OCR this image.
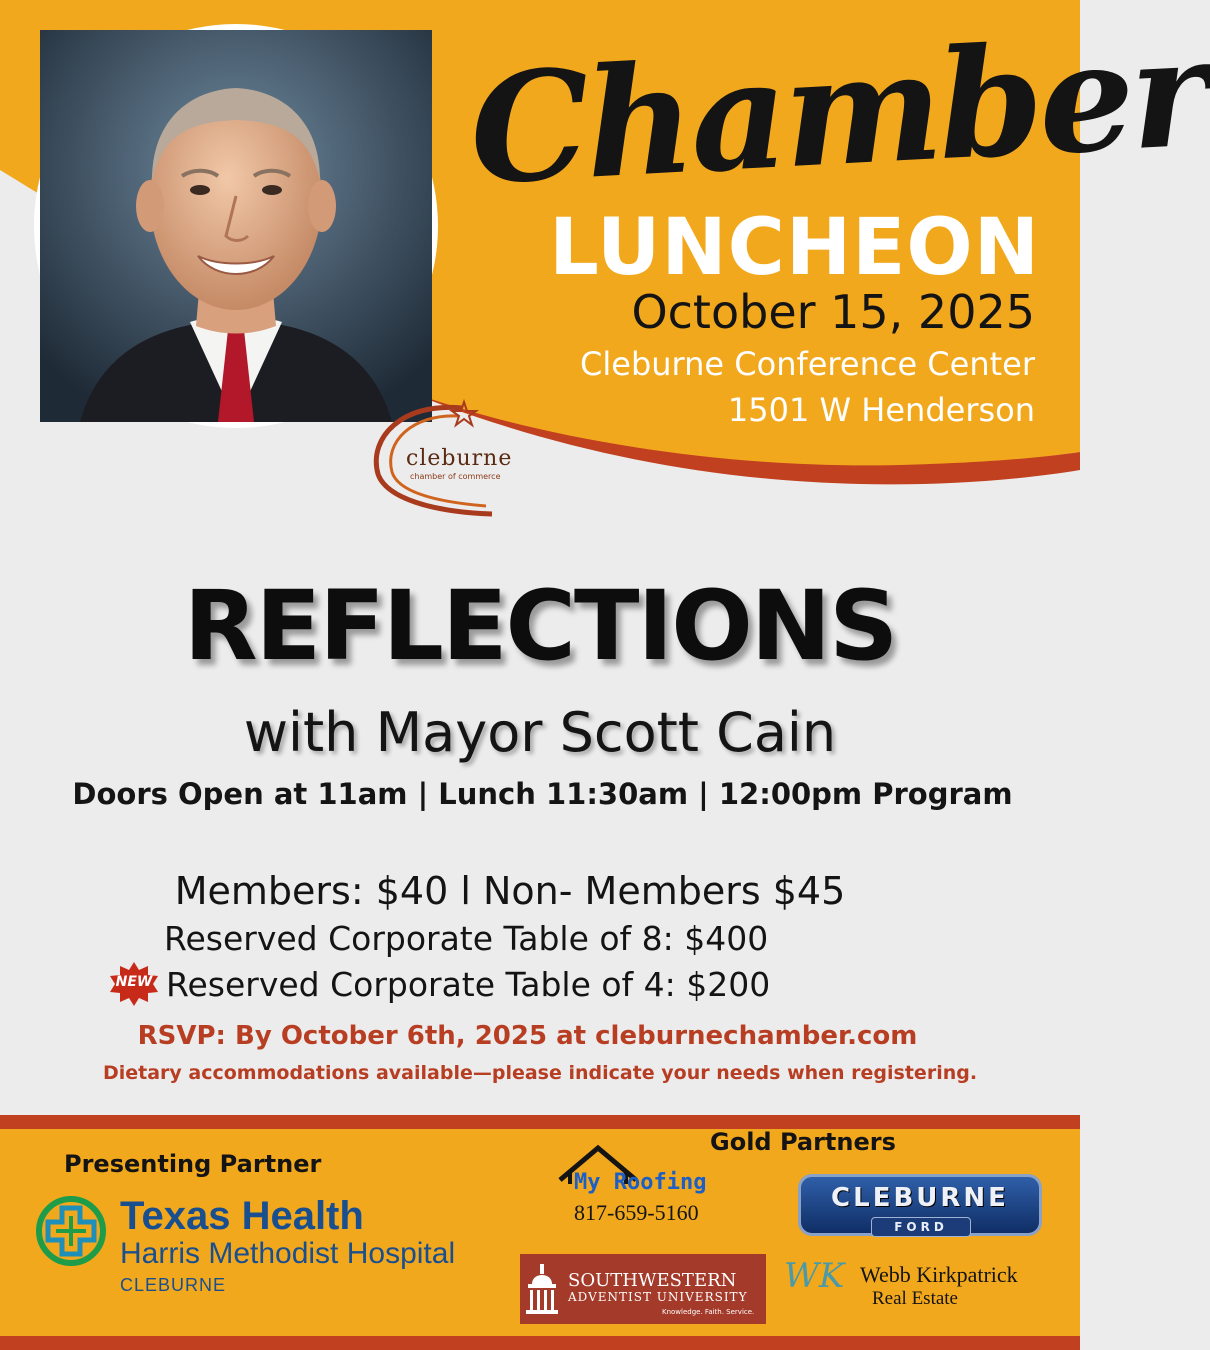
Chamber
LUNCHEON
October 15, 2025
Cleburne Conference Center
1501 W Henderson
cleburne
chamber of commerce
REFLECTIONS
with Mayor Scott Cain
Doors Open at 11am | Lunch 11:30am | 12:00pm Program
Members: $40 l Non- Members $45
Reserved Corporate Table of 8: $400
NEW Reserved Corporate Table of 4: $200
RSVP: By October 6th, 2025 at cleburnechamber.com
Dietary accommodations available—please indicate your needs when registering.
Presenting Partner
Texas Health
Harris Methodist Hospital
CLEBURNE
Gold Partners
My Roofing
817-659-5160	CLEBURNE
FORD
SOUTHWESTERN
ADVENTIST UNIVERSITY
Knowledge. Faith. Service.
WK Webb Kirkpatrick
Real Estate
